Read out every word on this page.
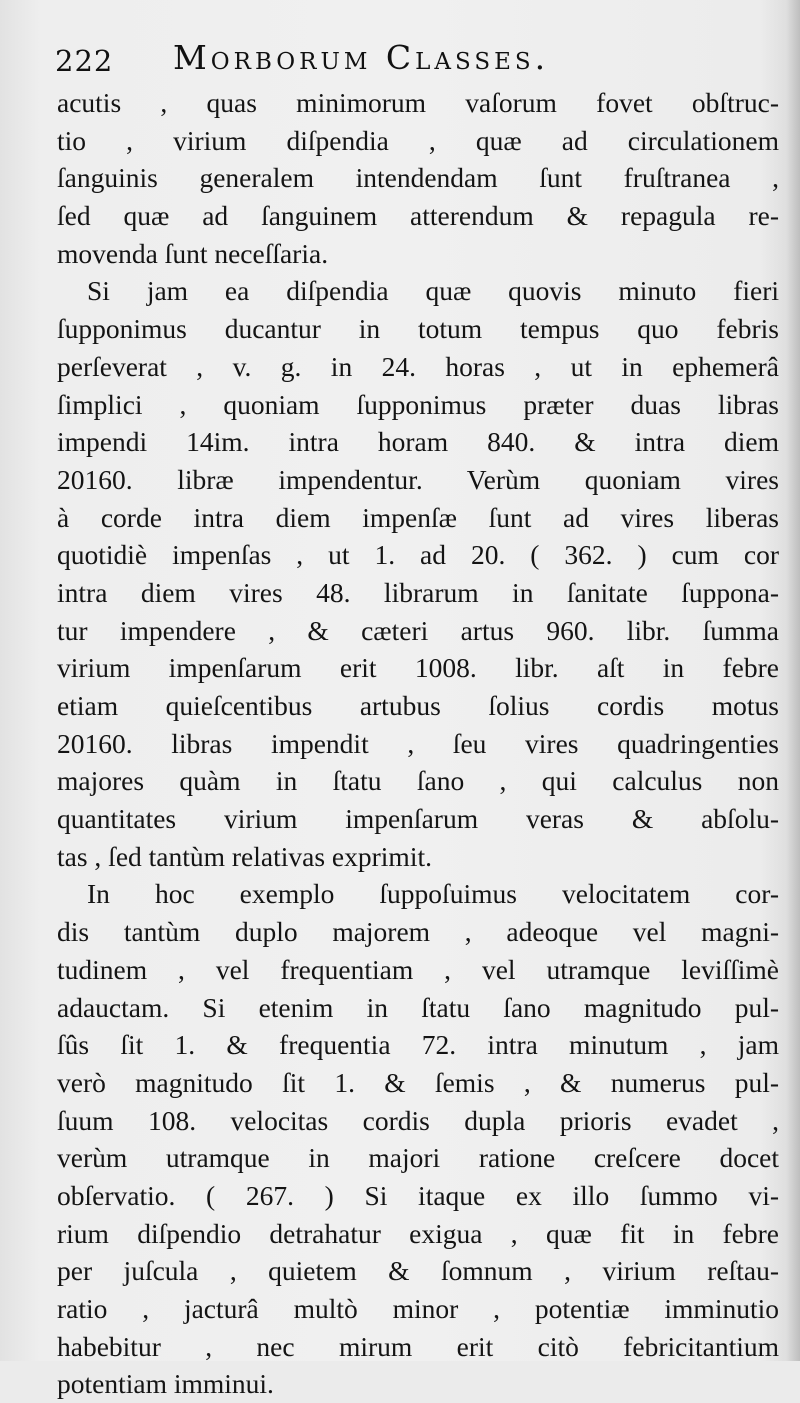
222 Morborum Classes.
acutis , quas minimorum vaſorum fovet obſtruc-
tio , virium diſpendia , quæ ad circulationem
ſanguinis generalem intendendam ſunt fruſtranea ,
ſed quæ ad ſanguinem atterendum & repagula re-
movenda ſunt neceſſaria.
Si jam ea diſpendia quæ quovis minuto fieri
ſupponimus ducantur in totum tempus quo febris
perſeverat , v. g. in 24. horas , ut in ephemerâ
ſimplici , quoniam ſupponimus præter duas libras
impendi 14im. intra horam 840. & intra diem
20160. libræ impendentur. Verùm quoniam vires
à corde intra diem impenſæ ſunt ad vires liberas
quotidiè impenſas , ut 1. ad 20. ( 362. ) cum cor
intra diem vires 48. librarum in ſanitate ſuppona-
tur impendere , & cæteri artus 960. libr. ſumma
virium impenſarum erit 1008. libr. aſt in febre
etiam quieſcentibus artubus ſolius cordis motus
20160. libras impendit , ſeu vires quadringenties
majores quàm in ſtatu ſano , qui calculus non
quantitates virium impenſarum veras & abſolu-
tas , ſed tantùm relativas exprimit.
In hoc exemplo ſuppoſuimus velocitatem cor-
dis tantùm duplo majorem , adeoque vel magni-
tudinem , vel frequentiam , vel utramque leviſſimè
adauctam. Si etenim in ſtatu ſano magnitudo pul-
ſûs ſit 1. & frequentia 72. intra minutum , jam
verò magnitudo ſit 1. & ſemis , & numerus pul-
ſuum 108. velocitas cordis dupla prioris evadet ,
verùm utramque in majori ratione creſcere docet
obſervatio. ( 267. ) Si itaque ex illo ſummo vi-
rium diſpendio detrahatur exigua , quæ fit in febre
per juſcula , quietem & ſomnum , virium reſtau-
ratio , jacturâ multò minor , potentiæ imminutio
habebitur , nec mirum erit citò febricitantium
potentiam imminui.
